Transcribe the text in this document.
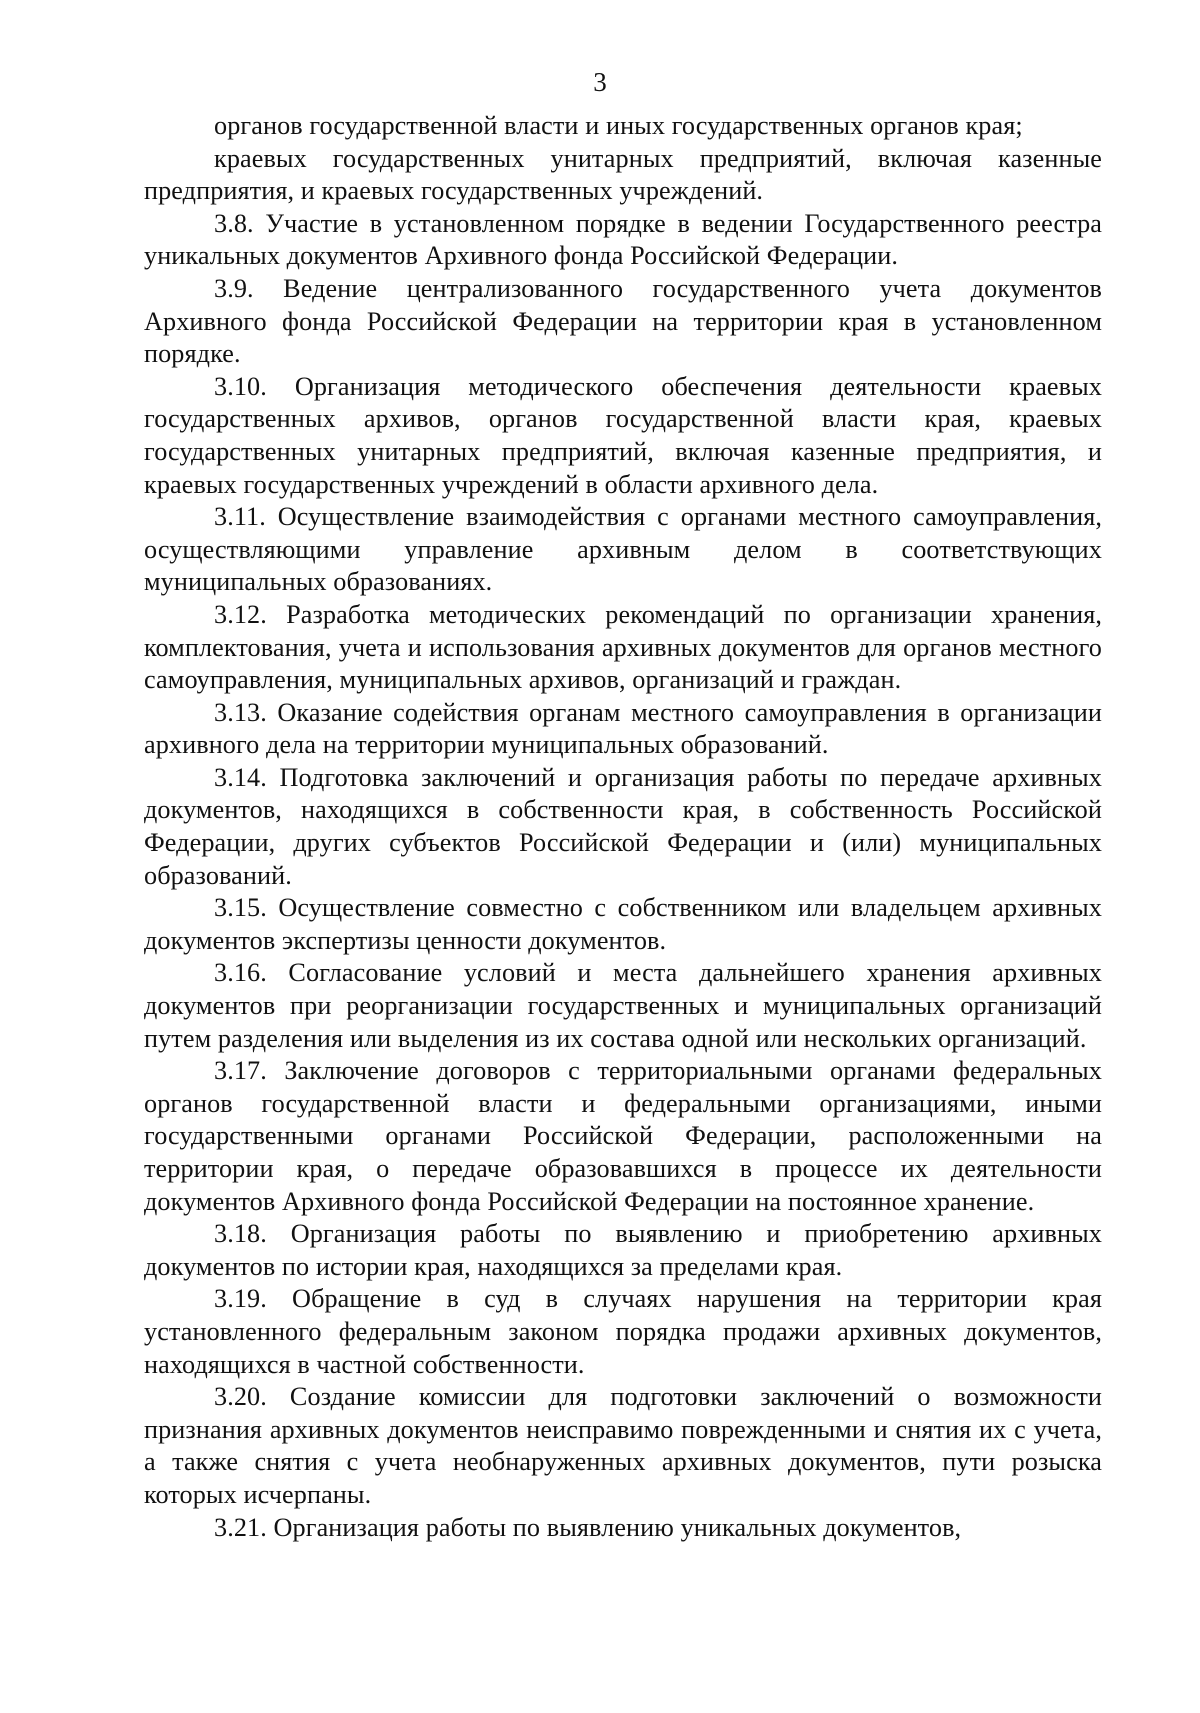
3

органов государственной власти и иных государственных органов края;

краевых государственных унитарных предприятий, включая казенные предприятия, и краевых государственных учреждений.

3.8. Участие в установленном порядке в ведении Государственного реестра уникальных документов Архивного фонда Российской Федерации.

3.9. Ведение централизованного государственного учета документов Архивного фонда Российской Федерации на территории края в установленном порядке.

3.10. Организация методического обеспечения деятельности краевых государственных архивов, органов государственной власти края, краевых государственных унитарных предприятий, включая казенные предприятия, и краевых государственных учреждений в области архивного дела.

3.11. Осуществление взаимодействия с органами местного самоуправления, осуществляющими управление архивным делом в соответствующих муниципальных образованиях.

3.12. Разработка методических рекомендаций по организации хранения, комплектования, учета и использования архивных документов для органов местного самоуправления, муниципальных архивов, организаций и граждан.

3.13. Оказание содействия органам местного самоуправления в организации архивного дела на территории муниципальных образований.

3.14. Подготовка заключений и организация работы по передаче архивных документов, находящихся в собственности края, в собственность Российской Федерации, других субъектов Российской Федерации и (или) муниципальных образований.

3.15. Осуществление совместно с собственником или владельцем архивных документов экспертизы ценности документов.

3.16. Согласование условий и места дальнейшего хранения архивных документов при реорганизации государственных и муниципальных организаций путем разделения или выделения из их состава одной или нескольких организаций.

3.17. Заключение договоров с территориальными органами федеральных органов государственной власти и федеральными организациями, иными государственными органами Российской Федерации, расположенными на территории края, о передаче образовавшихся в процессе их деятельности документов Архивного фонда Российской Федерации на постоянное хранение.

3.18. Организация работы по выявлению и приобретению архивных документов по истории края, находящихся за пределами края.

3.19. Обращение в суд в случаях нарушения на территории края установленного федеральным законом порядка продажи архивных документов, находящихся в частной собственности.

3.20. Создание комиссии для подготовки заключений о возможности признания архивных документов неисправимо поврежденными и снятия их с учета, а также снятия с учета необнаруженных архивных документов, пути розыска которых исчерпаны.

3.21. Организация работы по выявлению уникальных документов,
